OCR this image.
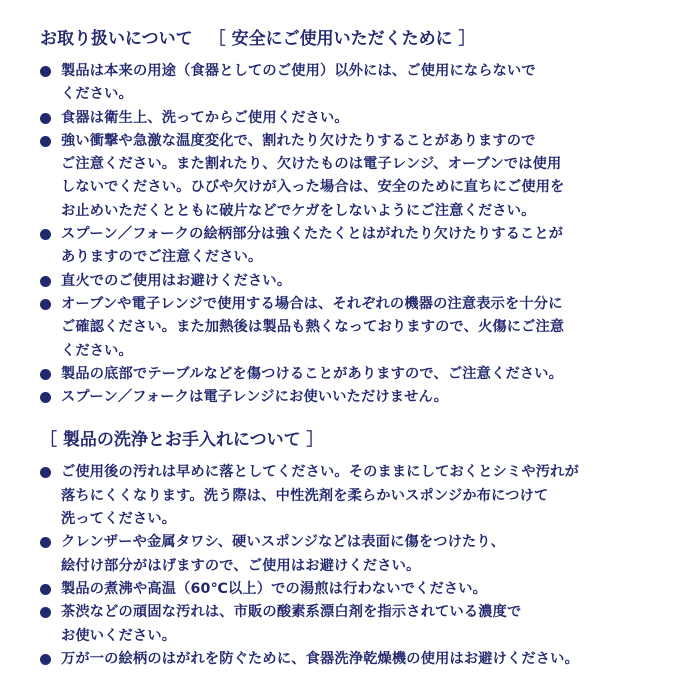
お取り扱いについて ［ 安全にご使用いただくために ］
製品は本来の用途（食器としてのご使用）以外には、ご使用にならないで
ください。
食器は衛生上、洗ってからご使用ください。
強い衝撃や急激な温度変化で、割れたり欠けたりすることがありますので
ご注意ください。また割れたり、欠けたものは電子レンジ、オーブンでは使用
しないでください。ひびや欠けが入った場合は、安全のために直ちにご使用を
お止めいただくとともに破片などでケガをしないようにご注意ください。
スプーン／フォークの絵柄部分は強くたたくとはがれたり欠けたりすることが
ありますのでご注意ください。
直火でのご使用はお避けください。
オーブンや電子レンジで使用する場合は、それぞれの機器の注意表示を十分に
ご確認ください。また加熱後は製品も熱くなっておりますので、火傷にご注意
ください。
製品の底部でテーブルなどを傷つけることがありますので、ご注意ください。
スプーン／フォークは電子レンジにお使いいただけません。
［ 製品の洗浄とお手入れについて ］
ご使用後の汚れは早めに落としてください。そのままにしておくとシミや汚れが
落ちにくくなります。洗う際は、中性洗剤を柔らかいスポンジか布につけて
洗ってください。
クレンザーや金属タワシ、硬いスポンジなどは表面に傷をつけたり、
絵付け部分がはげますので、ご使用はお避けください。
製品の煮沸や高温（60℃以上）での湯煎は行わないでください。
茶渋などの頑固な汚れは、市販の酸素系漂白剤を指示されている濃度で
お使いください。
万が一の絵柄のはがれを防ぐために、食器洗浄乾燥機の使用はお避けください。
